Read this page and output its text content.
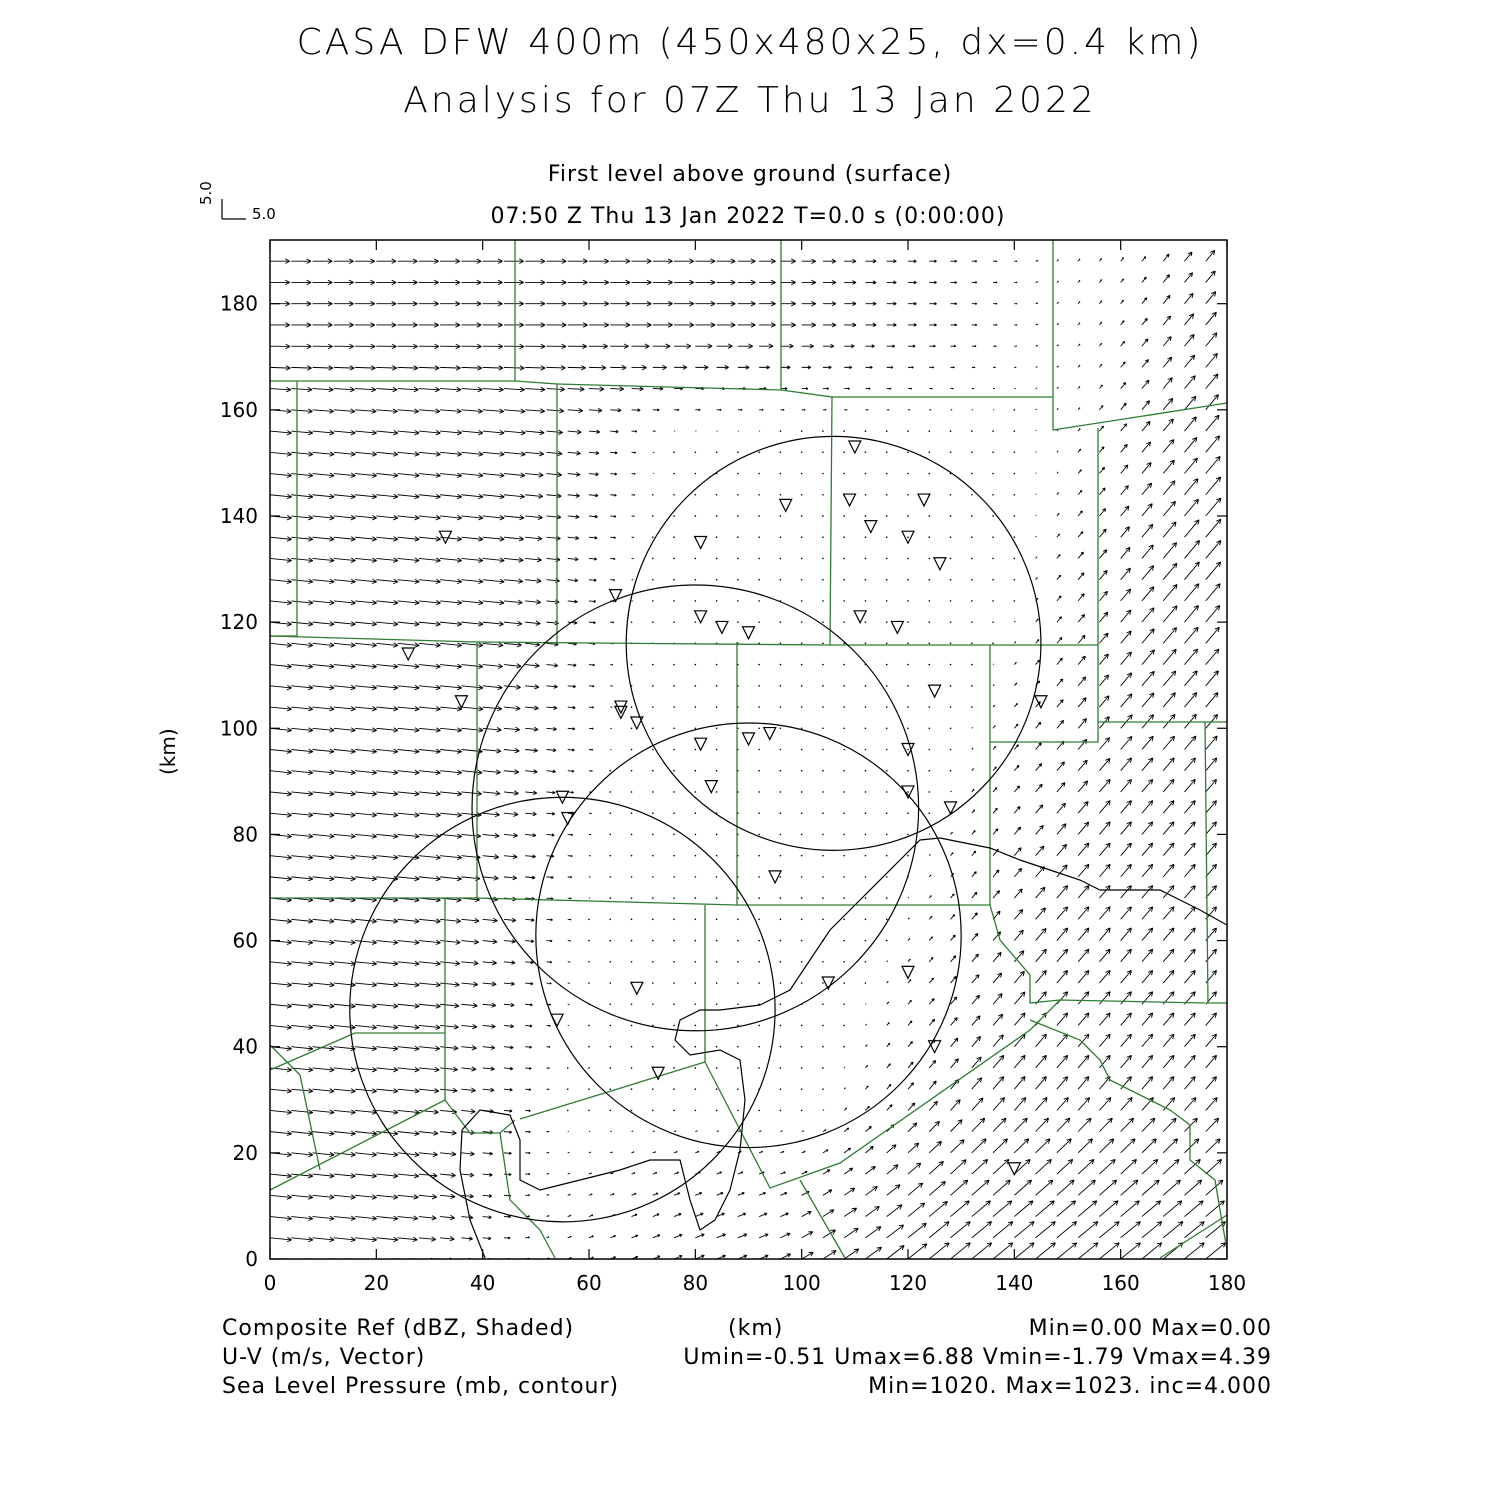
CASA DFW 400m (450x480x25, dx=0.4 km)
Analysis for 07Z Thu 13 Jan 2022
First level above ground (surface)
07:50 Z Thu 13 Jan 2022 T=0.0 s (0:00:00)
5.0
5.0
(km)
Composite Ref (dBZ, Shaded)	(km)	Min=0.00 Max=0.00
U-V (m/s, Vector)	Umin=-0.51 Umax=6.88 Vmin=-1.79 Vmax=4.39
Sea Level Pressure (mb, contour)	Min=1020. Max=1023. inc=4.000
0	20	40	60	80	100	120	140	160	180
0
20
40
60
80
100
120
140
160
180
